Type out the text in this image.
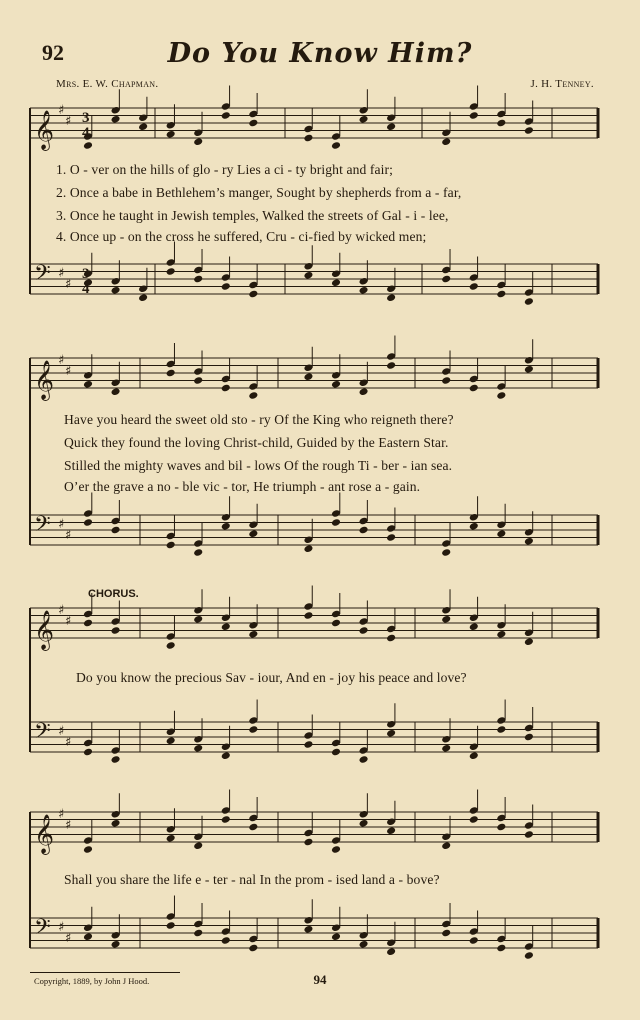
92	Do You Know Him?
Mrs. E. W. Chapman.	J. H. Tenney.
𝄞 ♯
♯
𝄢 ♯
♯
𝄞 ♯
♯
𝄢 ♯
♯
𝄞 ♯
♯
𝄢 ♯
♯
𝄞 ♯
♯
𝄢 ♯
♯
3
4
3
4
1. O - ver on the hills of glo - ry Lies a ci - ty bright and fair;
2. Once a babe in Bethlehem’s manger, Sought by shepherds from a - far,
3. Once he taught in Jewish temples, Walked the streets of Gal - i - lee,
4. Once up - on the cross he suffered, Cru - ci-fied by wicked men;
Have you heard the sweet old sto - ry Of the King who reigneth there?
Quick they found the loving Christ-child, Guided by the Eastern Star.
Stilled the mighty waves and bil - lows Of the rough Ti - ber - ian sea.
O’er the grave a no - ble vic - tor, He triumph - ant rose a - gain.
CHORUS.
Do you know the precious Sav - iour, And en - joy his peace and love?
Shall you share the life e - ter - nal In the prom - ised land a - bove?
Copyright, 1889, by John J Hood.	94
